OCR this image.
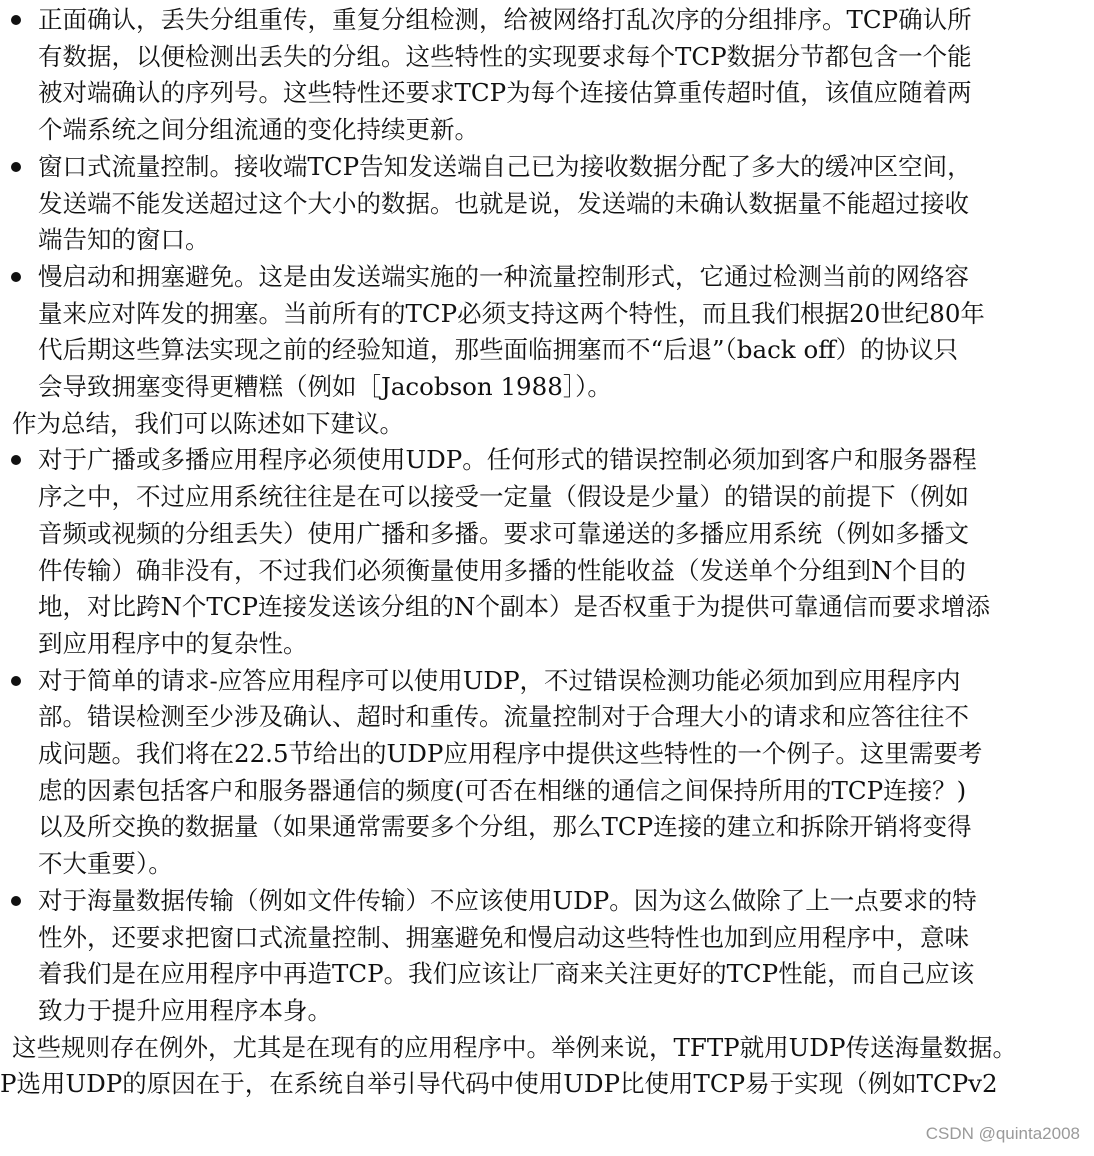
正面确认，丢失分组重传，重复分组检测，给被网络打乱次序的分组排序。TCP确认所
有数据，以便检测出丢失的分组。这些特性的实现要求每个TCP数据分节都包含一个能
被对端确认的序列号。这些特性还要求TCP为每个连接估算重传超时值，该值应随着两
个端系统之间分组流通的变化持续更新。
窗口式流量控制。接收端TCP告知发送端自己已为接收数据分配了多大的缓冲区空间，
发送端不能发送超过这个大小的数据。也就是说，发送端的未确认数据量不能超过接收
端告知的窗口。
慢启动和拥塞避免。这是由发送端实施的一种流量控制形式，它通过检测当前的网络容
量来应对阵发的拥塞。当前所有的TCP必须支持这两个特性，而且我们根据20世纪80年
代后期这些算法实现之前的经验知道，那些面临拥塞而不“后退”（back off）的协议只
会导致拥塞变得更糟糕（例如［Jacobson 1988］）。
作为总结，我们可以陈述如下建议。
对于广播或多播应用程序必须使用UDP。任何形式的错误控制必须加到客户和服务器程
序之中，不过应用系统往往是在可以接受一定量（假设是少量）的错误的前提下（例如
音频或视频的分组丢失）使用广播和多播。要求可靠递送的多播应用系统（例如多播文
件传输）确非没有，不过我们必须衡量使用多播的性能收益（发送单个分组到N个目的
地，对比跨N个TCP连接发送该分组的N个副本）是否权重于为提供可靠通信而要求增添
到应用程序中的复杂性。
对于简单的请求-应答应用程序可以使用UDP，不过错误检测功能必须加到应用程序内
部。错误检测至少涉及确认、超时和重传。流量控制对于合理大小的请求和应答往往不
成问题。我们将在22.5节给出的UDP应用程序中提供这些特性的一个例子。这里需要考
虑的因素包括客户和服务器通信的频度(可否在相继的通信之间保持所用的TCP连接？)
以及所交换的数据量（如果通常需要多个分组，那么TCP连接的建立和拆除开销将变得
不大重要）。
对于海量数据传输（例如文件传输）不应该使用UDP。因为这么做除了上一点要求的特
性外，还要求把窗口式流量控制、拥塞避免和慢启动这些特性也加到应用程序中，意味
着我们是在应用程序中再造TCP。我们应该让厂商来关注更好的TCP性能，而自己应该
致力于提升应用程序本身。
这些规则存在例外，尤其是在现有的应用程序中。举例来说，TFTP就用UDP传送海量数据。
P选用UDP的原因在于，在系统自举引导代码中使用UDP比使用TCP易于实现（例如TCPv2
CSDN @quinta2008
